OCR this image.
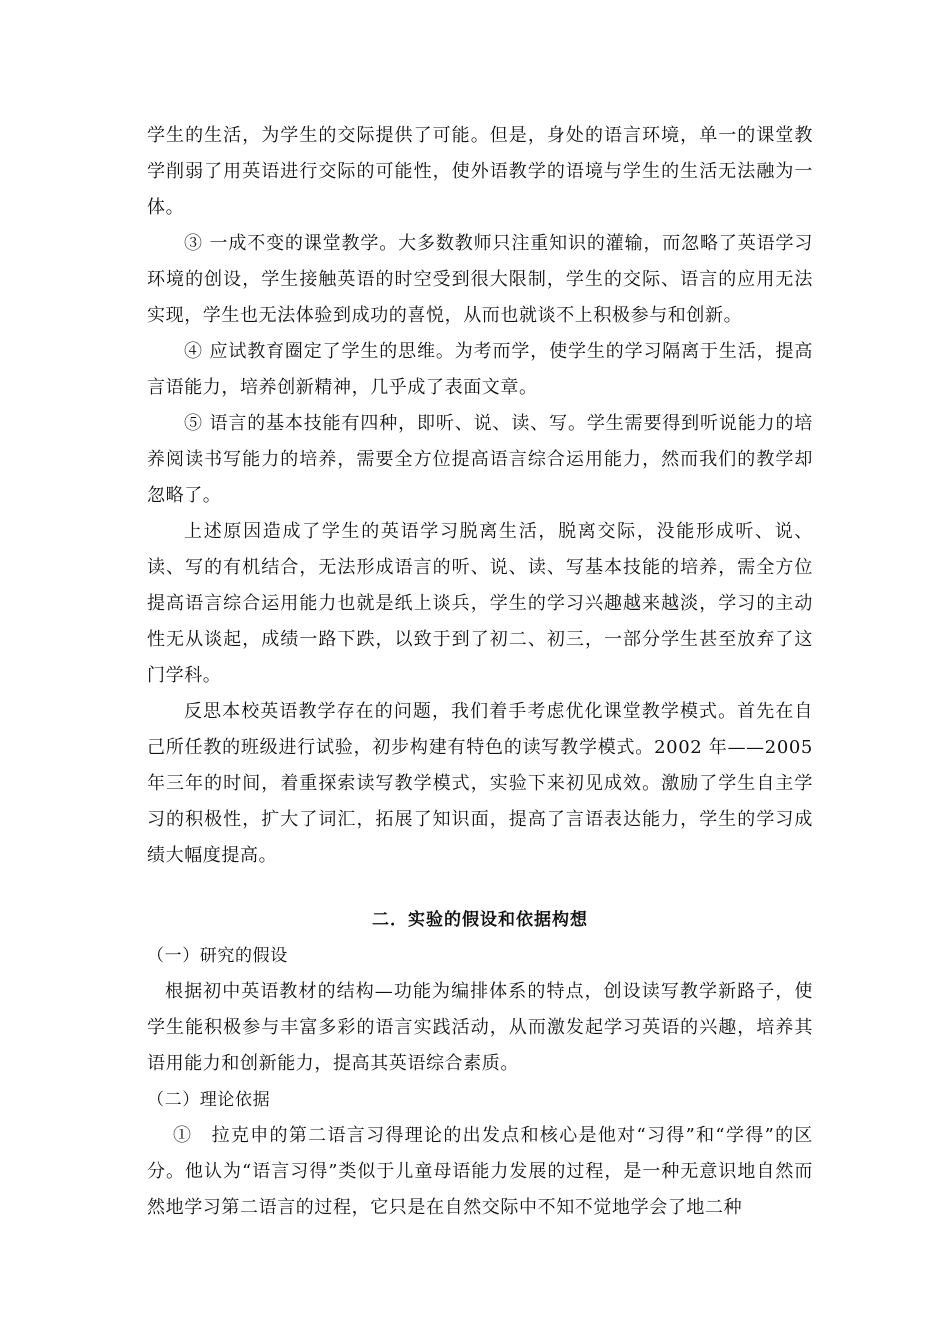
学生的生活，为学生的交际提供了可能。但是，身处的语言环境，单一的课堂教学削弱了用英语进行交际的可能性，使外语教学的语境与学生的生活无法融为一体。

③ 一成不变的课堂教学。大多数教师只注重知识的灌输，而忽略了英语学习环境的创设，学生接触英语的时空受到很大限制，学生的交际、语言的应用无法实现，学生也无法体验到成功的喜悦，从而也就谈不上积极参与和创新。

④ 应试教育圈定了学生的思维。为考而学，使学生的学习隔离于生活，提高言语能力，培养创新精神，几乎成了表面文章。

⑤ 语言的基本技能有四种，即听、说、读、写。学生需要得到听说能力的培养阅读书写能力的培养，需要全方位提高语言综合运用能力，然而我们的教学却忽略了。

上述原因造成了学生的英语学习脱离生活，脱离交际，没能形成听、说、读、写的有机结合，无法形成语言的听、说、读、写基本技能的培养，需全方位提高语言综合运用能力也就是纸上谈兵，学生的学习兴趣越来越淡，学习的主动性无从谈起，成绩一路下跌，以致于到了初二、初三，一部分学生甚至放弃了这门学科。

反思本校英语教学存在的问题，我们着手考虑优化课堂教学模式。首先在自己所任教的班级进行试验，初步构建有特色的读写教学模式。2002 年——2005 年三年的时间，着重探索读写教学模式，实验下来初见成效。激励了学生自主学习的积极性，扩大了词汇，拓展了知识面，提高了言语表达能力，学生的学习成绩大幅度提高。

二．实验的假设和依据构想

（一）研究的假设

根据初中英语教材的结构—功能为编排体系的特点，创设读写教学新路子，使学生能积极参与丰富多彩的语言实践活动，从而激发起学习英语的兴趣，培养其语用能力和创新能力，提高其英语综合素质。

（二）理论依据

①　拉克申的第二语言习得理论的出发点和核心是他对“习得”和“学得”的区分。他认为“语言习得”类似于儿童母语能力发展的过程，是一种无意识地自然而然地学习第二语言的过程，它只是在自然交际中不知不觉地学会了地二种
